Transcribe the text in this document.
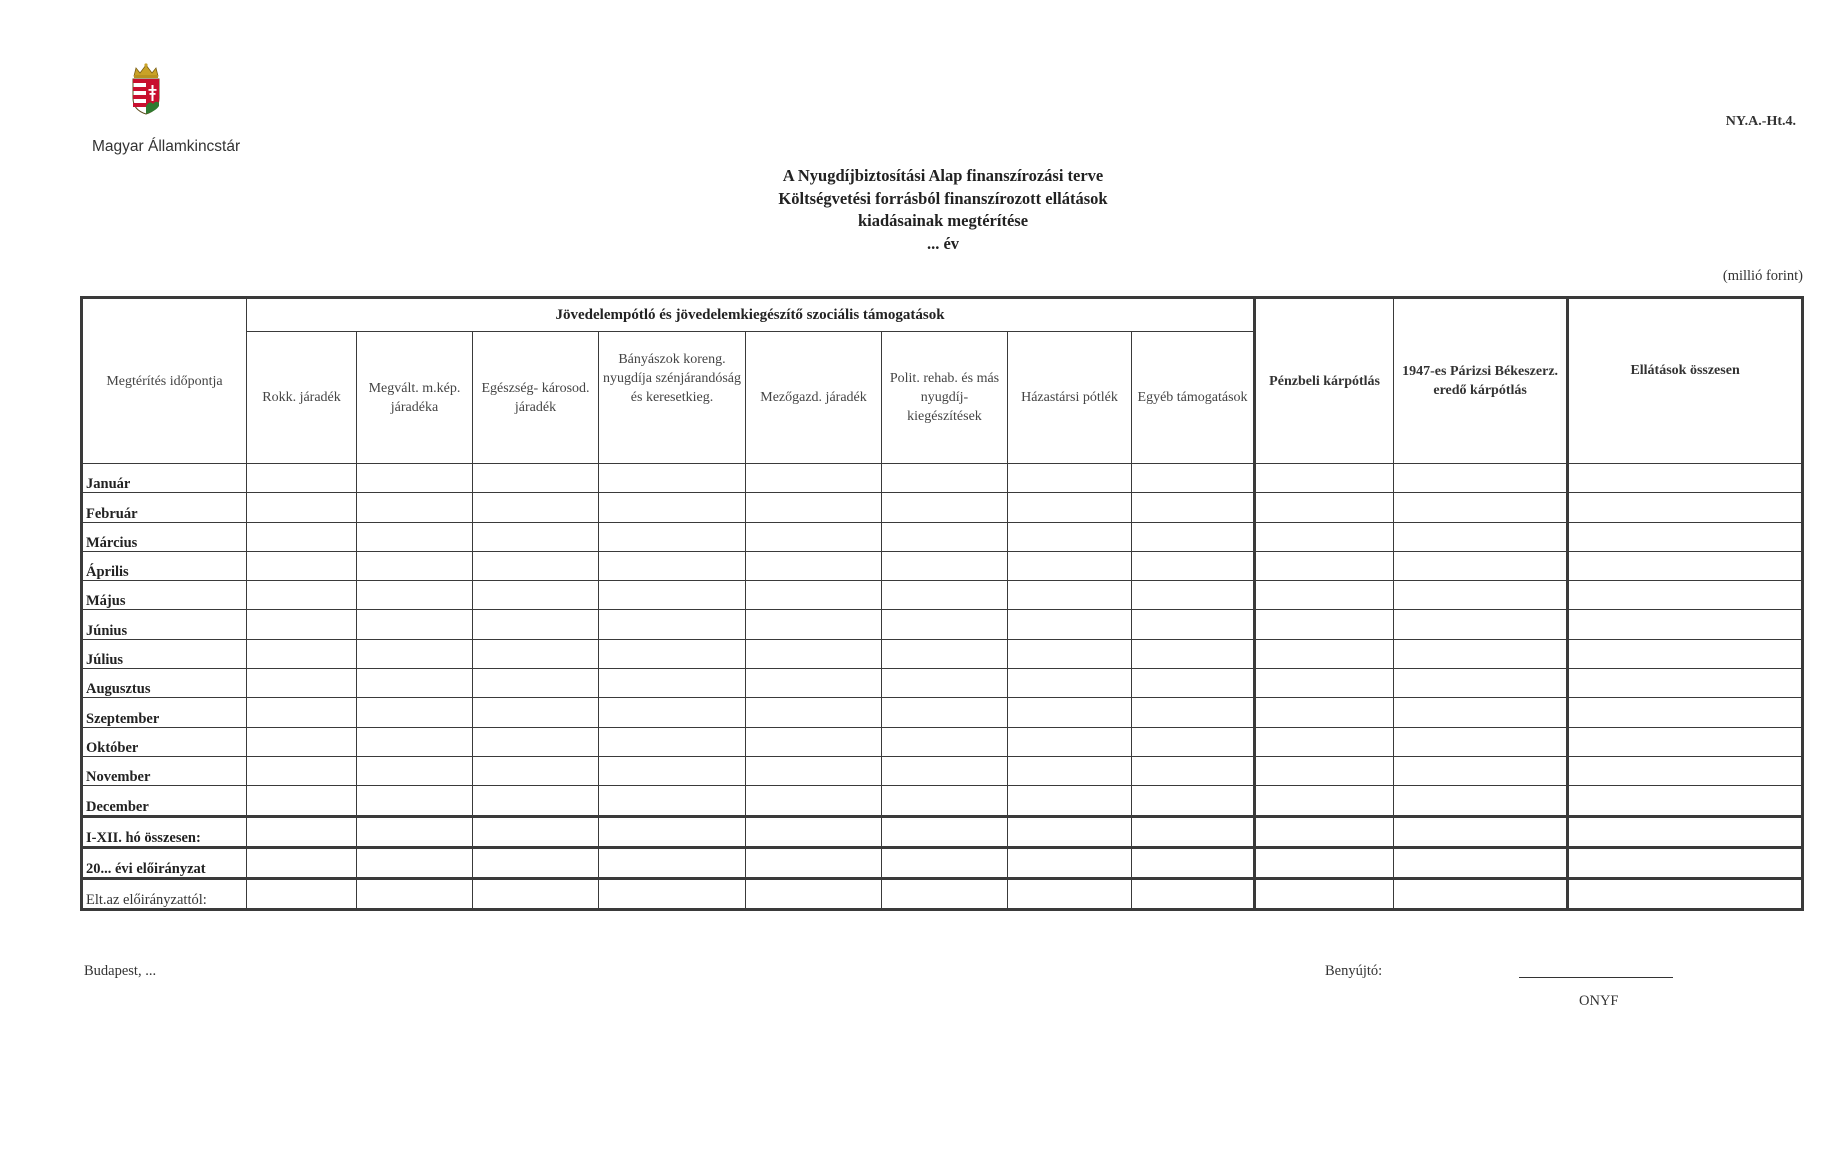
Magyar Államkincstár
NY.A.-Ht.4.
A Nyugdíjbiztosítási Alap finanszírozási terve
Költségvetési forrásból finanszírozott ellátások
kiadásainak megtérítése
... év
(millió forint)
Megtérítés időpontja	Jövedelempótló és jövedelemkiegészítő szociális támogatások								Pénzbeli kárpótlás	1947-es Párizsi Békeszerz. eredő kárpótlás	Ellátások összesen
	Rokk. járadék	Megvált. m.kép. járadéka	Egészség- károsod. járadék	Bányászok koreng. nyugdíja szénjárandóság és keresetkieg.	Mezőgazd. járadék	Polit. rehab. és más nyugdíj-kiegészítések	Házastársi pótlék	Egyéb támogatások			
Január											
Február											
Március											
Április											
Május											
Június											
Július											
Augusztus											
Szeptember											
Október											
November											
December											
I-XII. hó összesen:											
20... évi előirányzat											
Elt.az előirányzattól:											
Budapest, ...	Benyújtó:
ONYF
